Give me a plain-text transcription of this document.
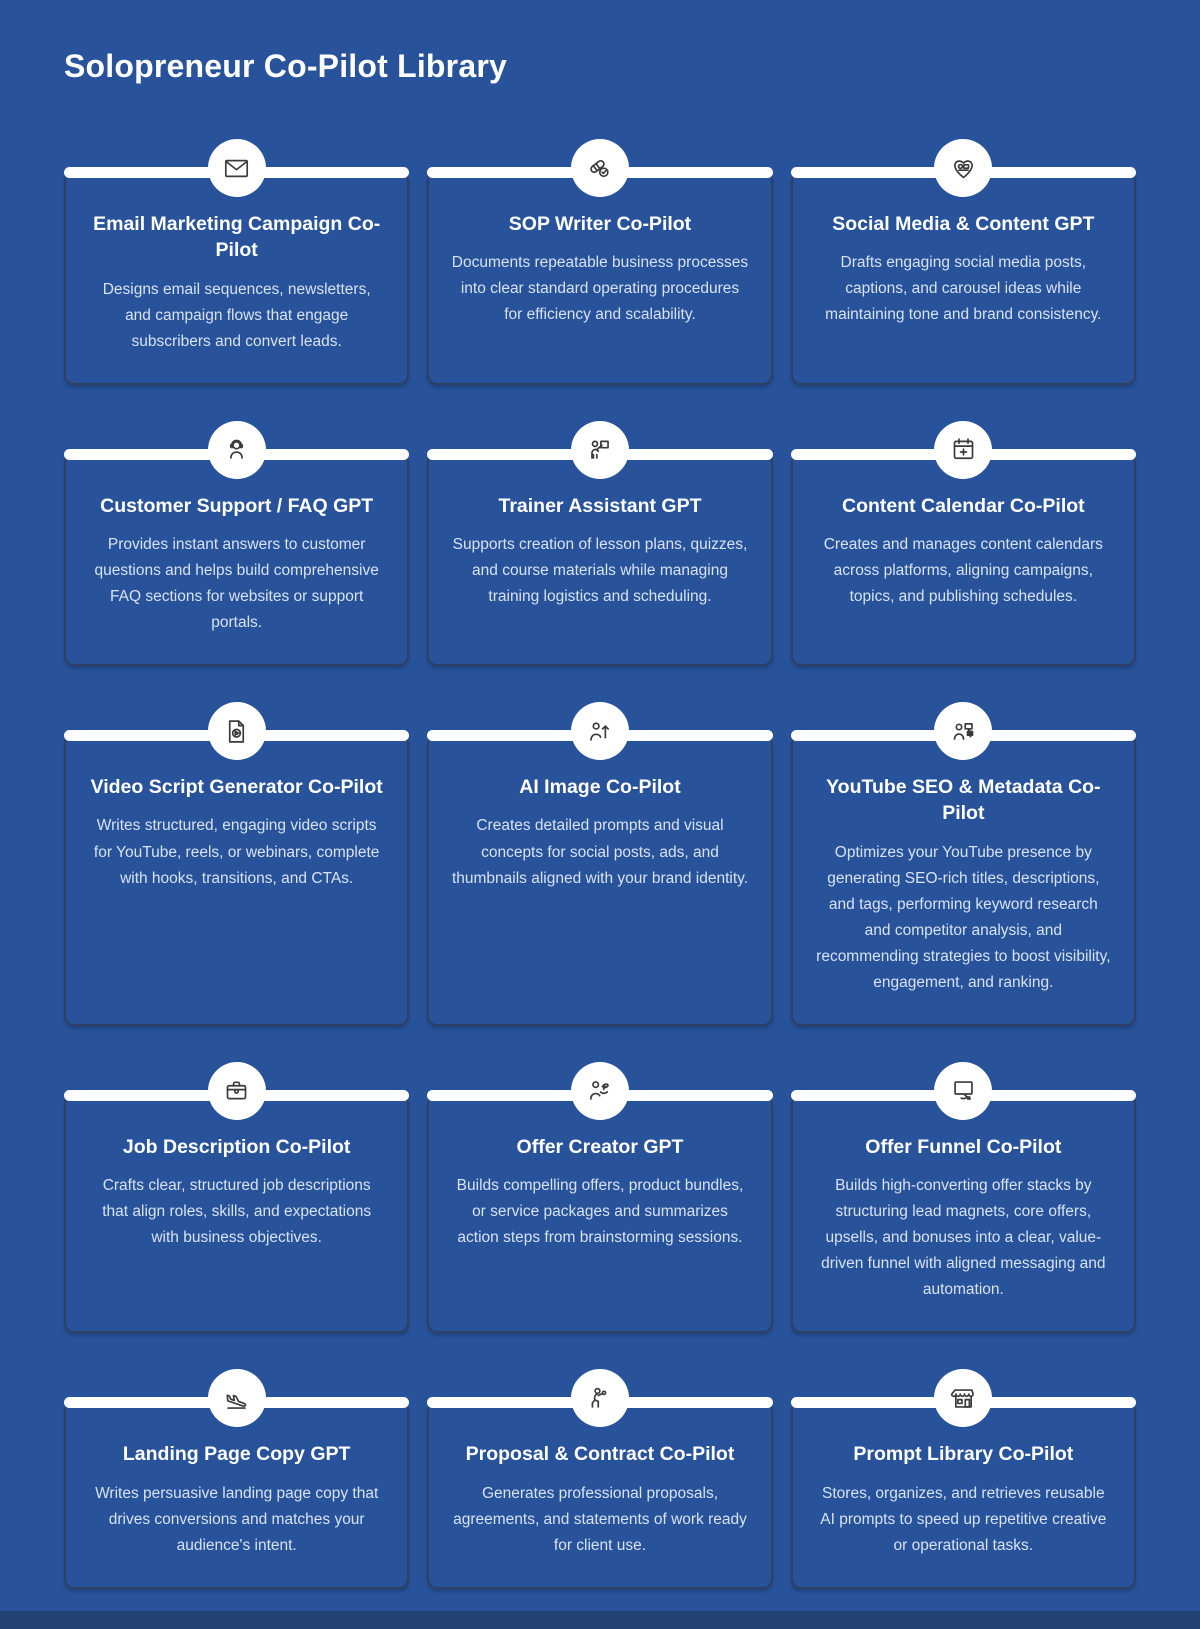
Solopreneur Co-Pilot Library
Email Marketing Campaign Co-Pilot
Designs email sequences, newsletters, and campaign flows that engage subscribers and convert leads.
SOP Writer Co-Pilot
Documents repeatable business processes into clear standard operating procedures for efficiency and scalability.
Social Media & Content GPT
Drafts engaging social media posts, captions, and carousel ideas while maintaining tone and brand consistency.
Customer Support / FAQ GPT
Provides instant answers to customer questions and helps build comprehensive FAQ sections for websites or support portals.
Trainer Assistant GPT
Supports creation of lesson plans, quizzes, and course materials while managing training logistics and scheduling.
Content Calendar Co-Pilot
Creates and manages content calendars across platforms, aligning campaigns, topics, and publishing schedules.
Video Script Generator Co-Pilot
Writes structured, engaging video scripts for YouTube, reels, or webinars, complete with hooks, transitions, and CTAs.
AI Image Co-Pilot
Creates detailed prompts and visual concepts for social posts, ads, and thumbnails aligned with your brand identity.
YouTube SEO & Metadata Co-Pilot
Optimizes your YouTube presence by generating SEO-rich titles, descriptions, and tags, performing keyword research and competitor analysis, and recommending strategies to boost visibility, engagement, and ranking.
Job Description Co-Pilot
Crafts clear, structured job descriptions that align roles, skills, and expectations with business objectives.
Offer Creator GPT
Builds compelling offers, product bundles, or service packages and summarizes action steps from brainstorming sessions.
Offer Funnel Co-Pilot
Builds high-converting offer stacks by structuring lead magnets, core offers, upsells, and bonuses into a clear, value-driven funnel with aligned messaging and automation.
Landing Page Copy GPT
Writes persuasive landing page copy that drives conversions and matches your audience's intent.
Proposal & Contract Co-Pilot
Generates professional proposals, agreements, and statements of work ready for client use.
Prompt Library Co-Pilot
Stores, organizes, and retrieves reusable AI prompts to speed up repetitive creative or operational tasks.
